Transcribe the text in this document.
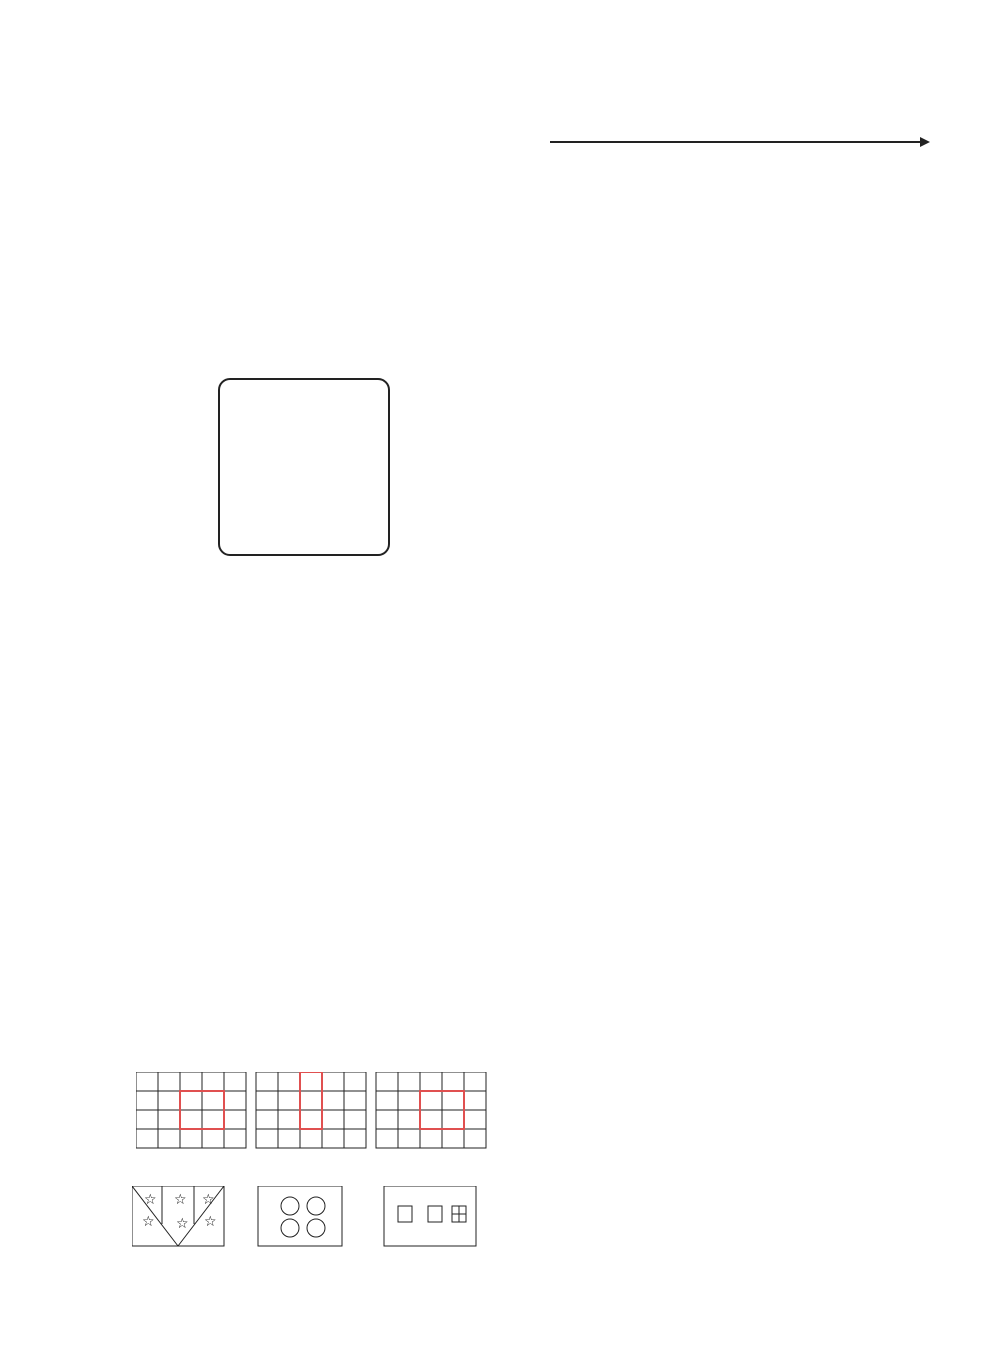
☆ ☆ ☆
☆ ☆ ☆
